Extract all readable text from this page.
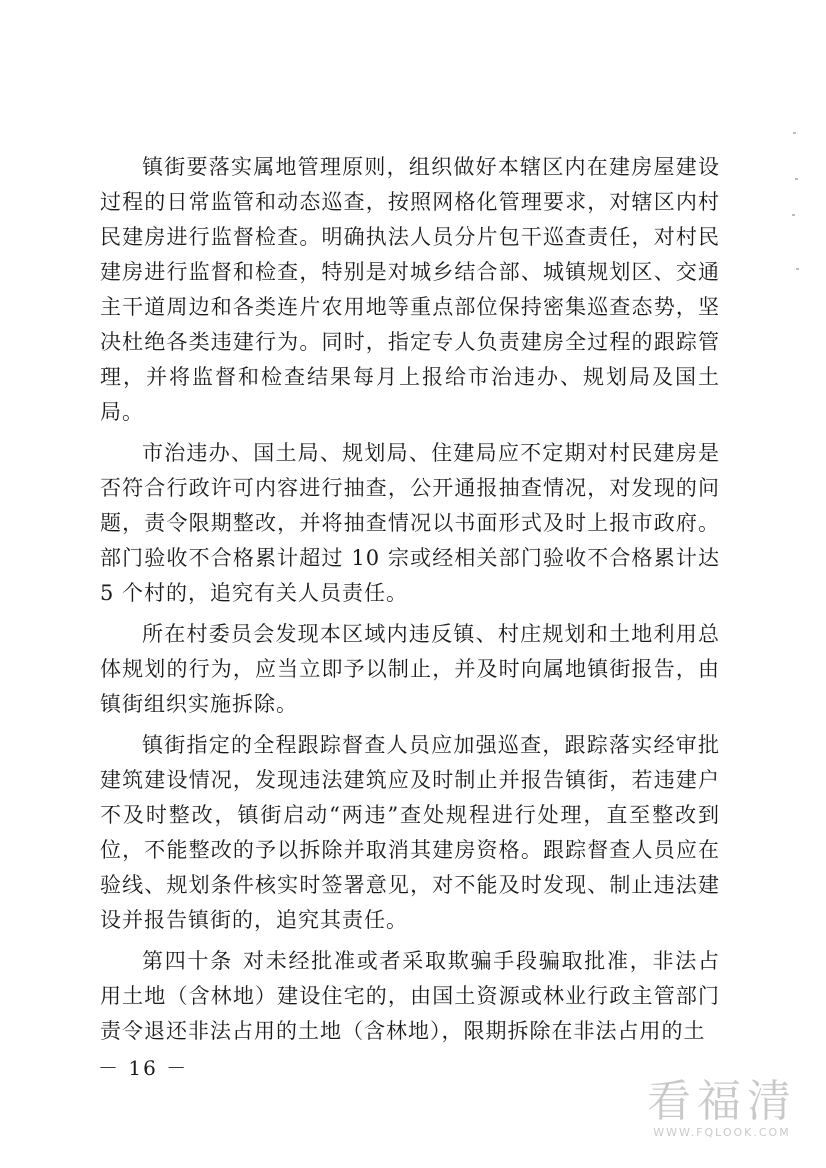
镇街要落实属地管理原则，组织做好本辖区内在建房屋建设过程的日常监管和动态巡查，按照网格化管理要求，对辖区内村民建房进行监督检查。明确执法人员分片包干巡查责任，对村民建房进行监督和检查，特别是对城乡结合部、城镇规划区、交通主干道周边和各类连片农用地等重点部位保持密集巡查态势，坚决杜绝各类违建行为。同时，指定专人负责建房全过程的跟踪管理，并将监督和检查结果每月上报给市治违办、规划局及国土局。

市治违办、国土局、规划局、住建局应不定期对村民建房是否符合行政许可内容进行抽查，公开通报抽查情况，对发现的问题，责令限期整改，并将抽查情况以书面形式及时上报市政府。部门验收不合格累计超过 10 宗或经相关部门验收不合格累计达 5 个村的，追究有关人员责任。

所在村委员会发现本区域内违反镇、村庄规划和土地利用总体规划的行为，应当立即予以制止，并及时向属地镇街报告，由镇街组织实施拆除。

镇街指定的全程跟踪督查人员应加强巡查，跟踪落实经审批建筑建设情况，发现违法建筑应及时制止并报告镇街，若违建户不及时整改，镇街启动“两违”查处规程进行处理，直至整改到位，不能整改的予以拆除并取消其建房资格。跟踪督查人员应在验线、规划条件核实时签署意见，对不能及时发现、制止违法建设并报告镇街的，追究其责任。

第四十条 对未经批准或者采取欺骗手段骗取批准，非法占用土地（含林地）建设住宅的，由国土资源或林业行政主管部门责令退还非法占用的土地（含林地），限期拆除在非法占用的土

－ 16 －
看福清
WWW.FQLOOK.COM
